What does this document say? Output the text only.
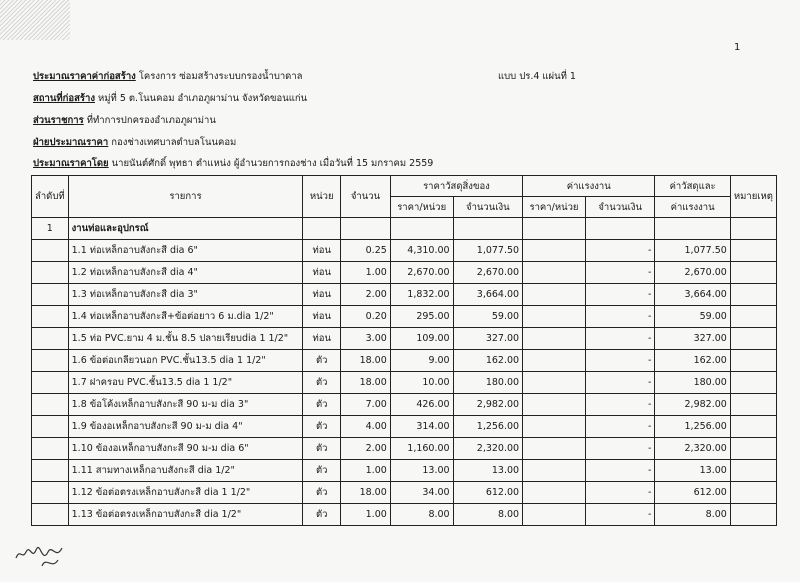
1
ประมาณราคาค่าก่อสร้าง โครงการ ซ่อมสร้างระบบกรองน้ำบาดาล	แบบ ปร.4 แผ่นที่ 1
สถานที่ก่อสร้าง หมู่ที่ 5 ต.โนนคอม อำเภอภูผาม่าน จังหวัดขอนแก่น
ส่วนราชการ ที่ทำการปกครองอำเภอภูผาม่าน
ฝ่ายประมาณราคา กองช่างเทศบาลตำบลโนนคอม
ประมาณราคาโดย นายนันต์ศักดิ์ พุทธา ตำแหน่ง ผู้อำนวยการกองช่าง เมื่อวันที่ 15 มกราคม 2559
ลำดับที่	รายการ	หน่วย	จำนวน	ราคาวัสดุสิ่งของ		ค่าแรงงาน		ค่าวัสดุและ	หมายเหตุ
				ราคา/หน่วย	จำนวนเงิน	ราคา/หน่วย	จำนวนเงิน	ค่าแรงงาน	
1	งานท่อและอุปกรณ์								
	1.1 ท่อเหล็กอาบสังกะสี dia 6"	ท่อน	0.25	4,310.00	1,077.50		-	1,077.50	
	1.2 ท่อเหล็กอาบสังกะสี dia 4"	ท่อน	1.00	2,670.00	2,670.00		-	2,670.00	
	1.3 ท่อเหล็กอาบสังกะสี dia 3"	ท่อน	2.00	1,832.00	3,664.00		-	3,664.00	
	1.4 ท่อเหล็กอาบสังกะสี+ข้อต่อยาว 6 ม.dia 1/2"	ท่อน	0.20	295.00	59.00		-	59.00	
	1.5 ท่อ PVC.ยาม 4 ม.ชั้น 8.5 ปลายเรียบdia 1 1/2"	ท่อน	3.00	109.00	327.00		-	327.00	
	1.6 ข้อต่อเกลียวนอก PVC.ชั้น13.5 dia 1 1/2"	ตัว	18.00	9.00	162.00		-	162.00	
	1.7 ฝาครอบ PVC.ชั้น13.5 dia 1 1/2"	ตัว	18.00	10.00	180.00		-	180.00	
	1.8 ข้อโค้งเหล็กอาบสังกะสี 90 ม-ม dia 3"	ตัว	7.00	426.00	2,982.00		-	2,982.00	
	1.9 ข้องอเหล็กอาบสังกะสี 90 ม-ม dia 4"	ตัว	4.00	314.00	1,256.00		-	1,256.00	
	1.10 ข้องอเหล็กอาบสังกะสี 90 ม-ม dia 6"	ตัว	2.00	1,160.00	2,320.00		-	2,320.00	
	1.11 สามทางเหล็กอาบสังกะสี dia 1/2"	ตัว	1.00	13.00	13.00		-	13.00	
	1.12 ข้อต่อตรงเหล็กอาบสังกะสี dia 1 1/2"	ตัว	18.00	34.00	612.00		-	612.00	
	1.13 ข้อต่อตรงเหล็กอาบสังกะสี dia 1/2"	ตัว	1.00	8.00	8.00		-	8.00	
